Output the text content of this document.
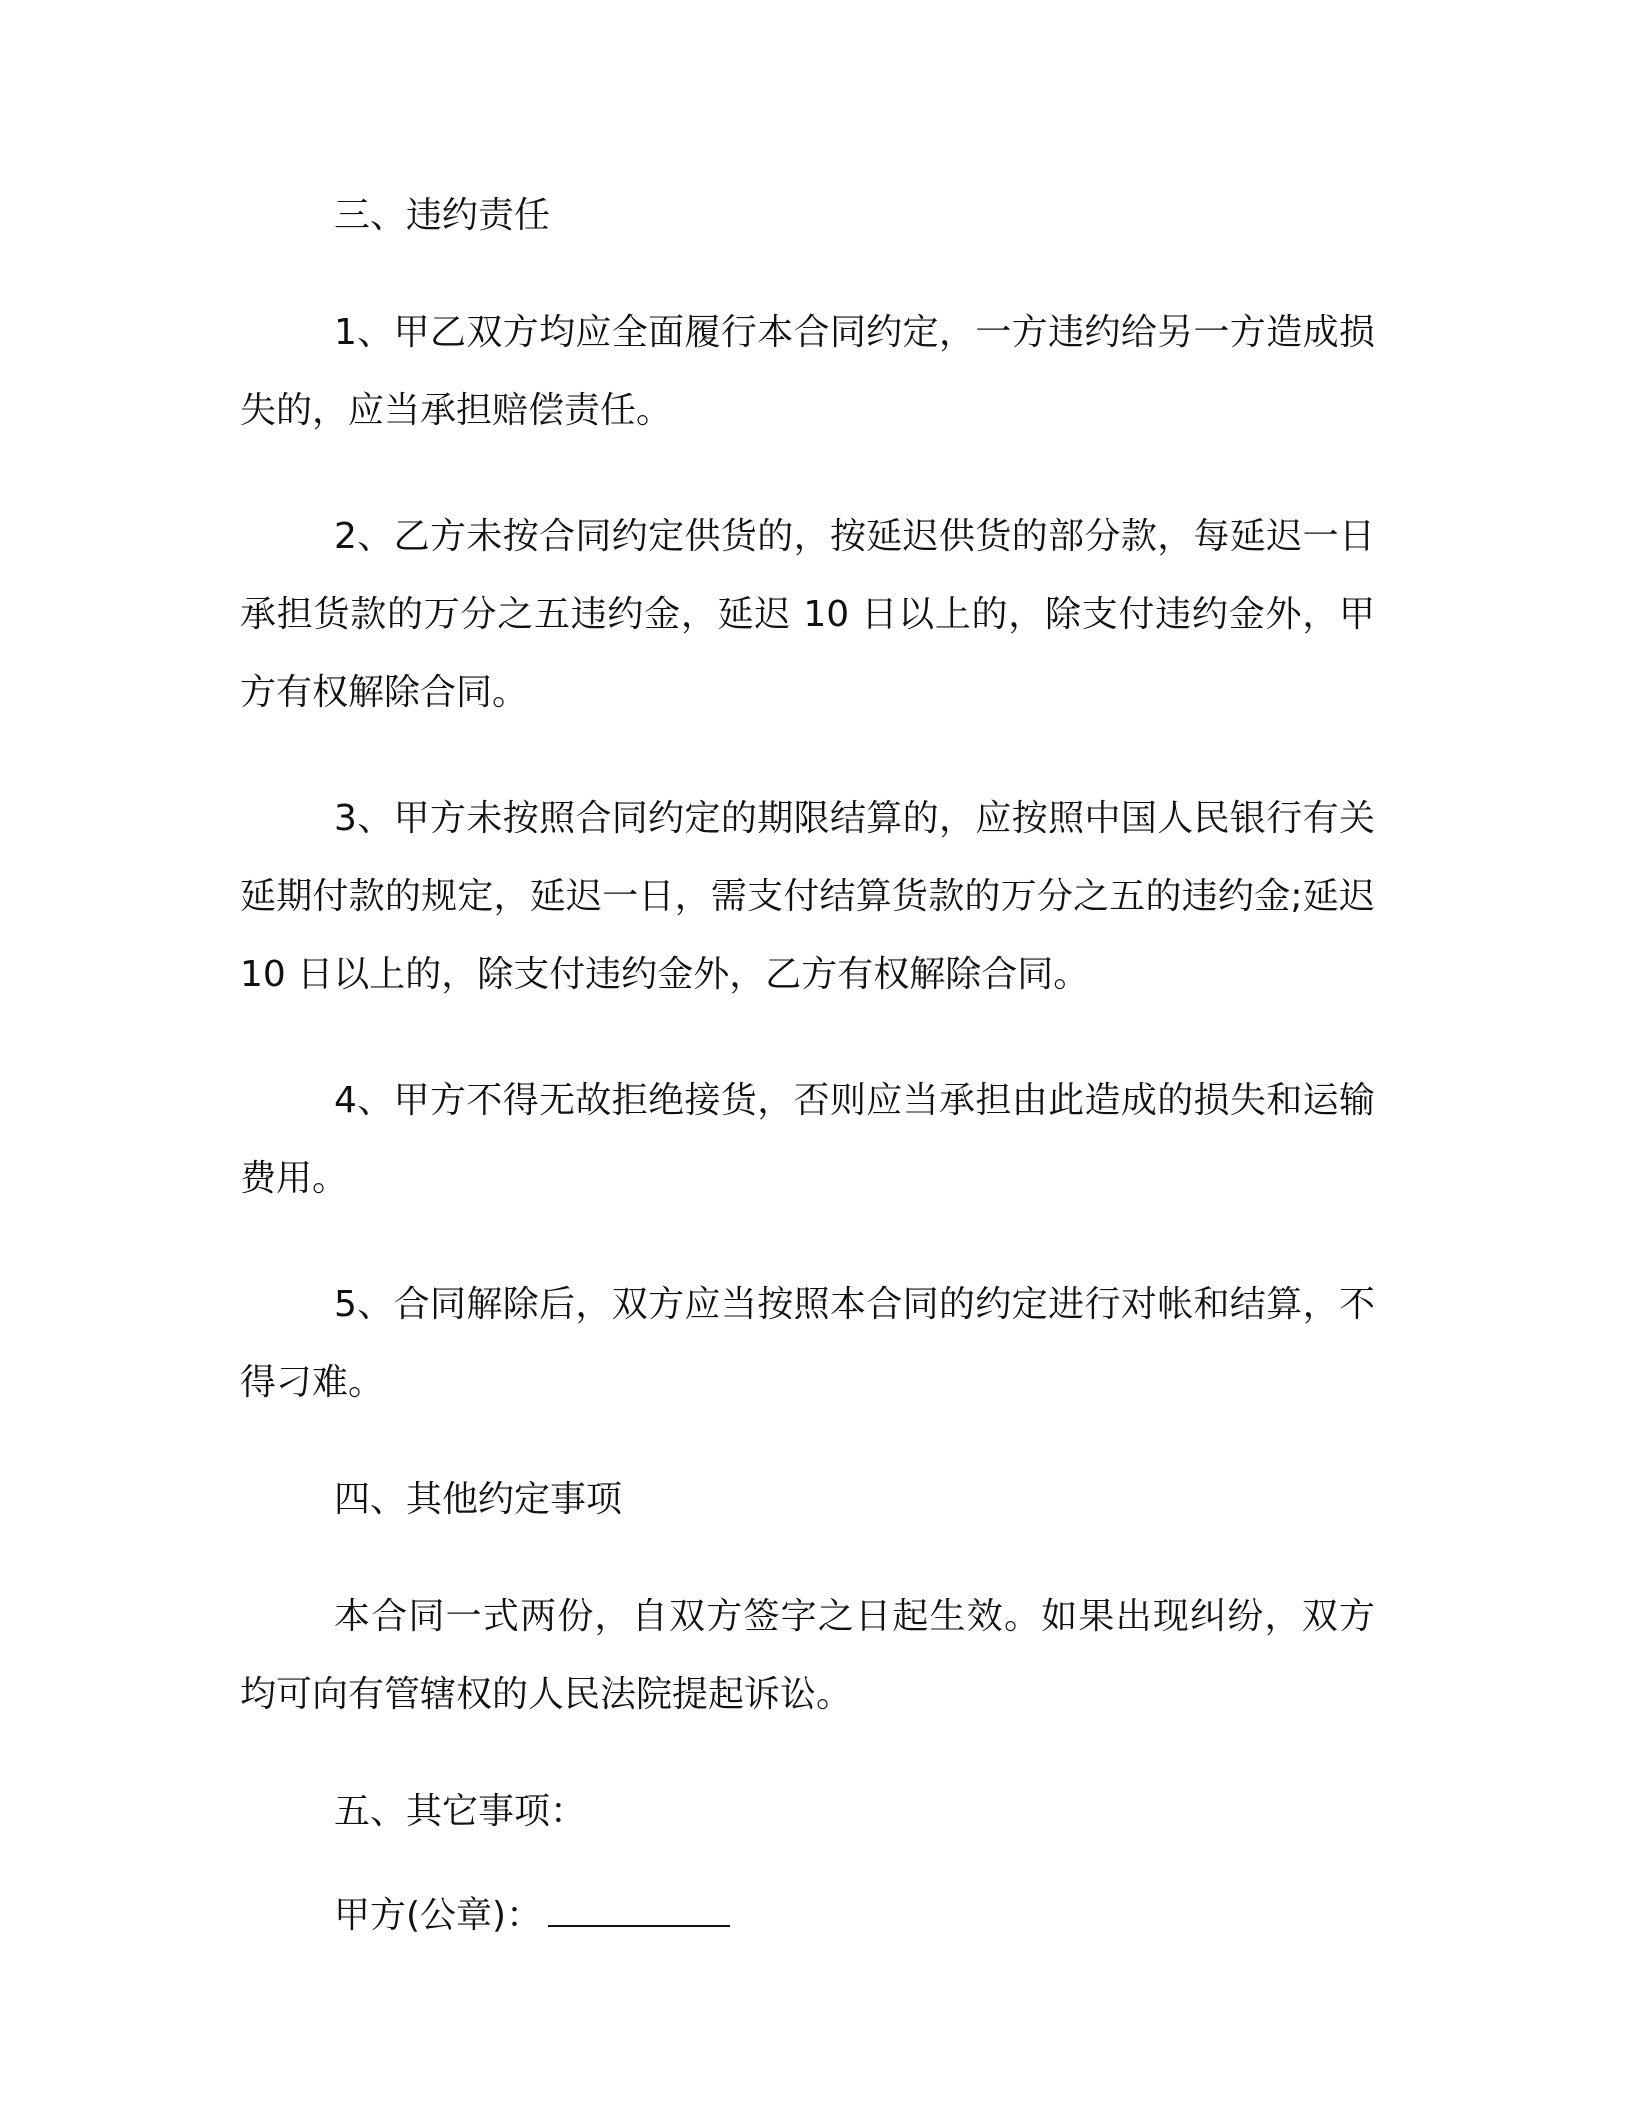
三、违约责任

1、甲乙双方均应全面履行本合同约定，一方违约给另一方造成损失的，应当承担赔偿责任。

2、乙方未按合同约定供货的，按延迟供货的部分款，每延迟一日承担货款的万分之五违约金，延迟 10 日以上的，除支付违约金外，甲方有权解除合同。

3、甲方未按照合同约定的期限结算的，应按照中国人民银行有关延期付款的规定，延迟一日，需支付结算货款的万分之五的违约金;延迟 10 日以上的，除支付违约金外，乙方有权解除合同。

4、甲方不得无故拒绝接货，否则应当承担由此造成的损失和运输费用。

5、合同解除后，双方应当按照本合同的约定进行对帐和结算，不得刁难。

四、其他约定事项

本合同一式两份，自双方签字之日起生效。如果出现纠纷，双方均可向有管辖权的人民法院提起诉讼。

五、其它事项：

甲方(公章)：
